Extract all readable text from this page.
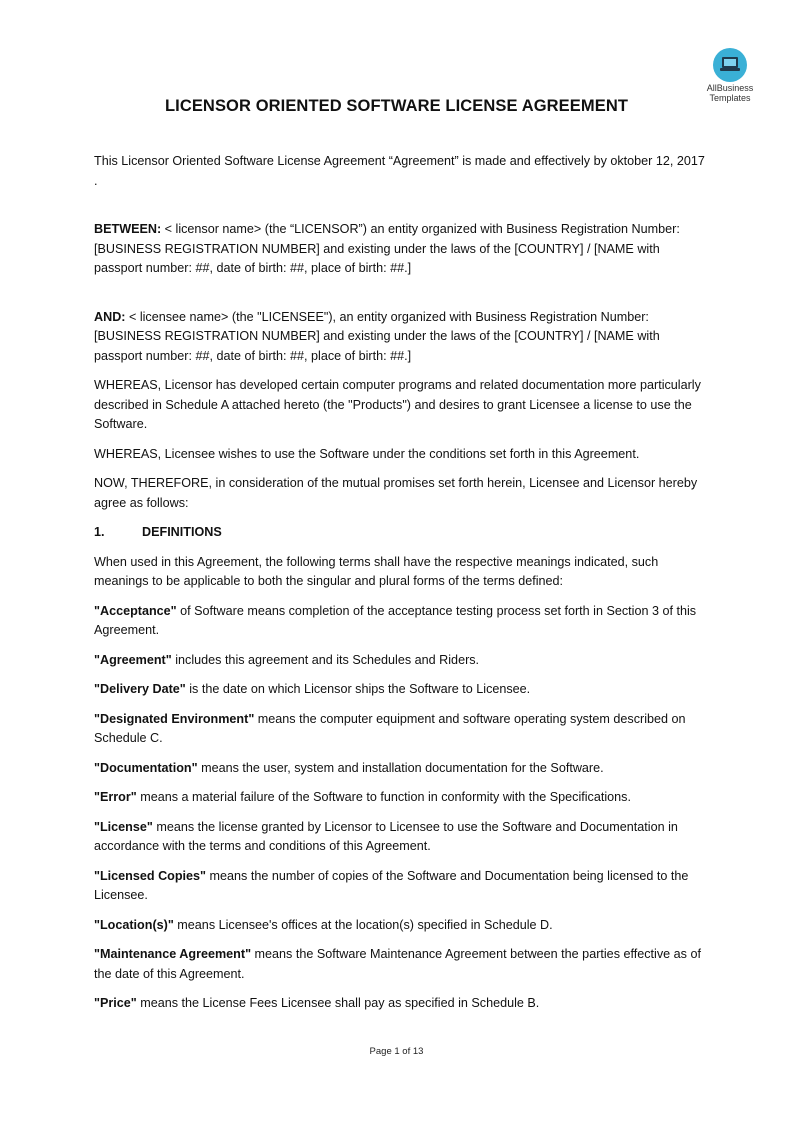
AllBusiness
Templates
LICENSOR ORIENTED SOFTWARE LICENSE AGREEMENT

This Licensor Oriented Software License Agreement “Agreement” is made and effectively by oktober 12, 2017 .

BETWEEN: < licensor name> (the “LICENSOR”) an entity organized with Business Registration Number: [BUSINESS REGISTRATION NUMBER] and existing under the laws of the [COUNTRY] / [NAME with passport number: ##, date of birth: ##, place of birth: ##.]

AND: < licensee name> (the "LICENSEE"), an entity organized with Business Registration Number: [BUSINESS REGISTRATION NUMBER] and existing under the laws of the [COUNTRY] / [NAME with passport number: ##, date of birth: ##, place of birth: ##.]

WHEREAS, Licensor has developed certain computer programs and related documentation more particularly described in Schedule A attached hereto (the "Products") and desires to grant Licensee a license to use the Software.

WHEREAS, Licensee wishes to use the Software under the conditions set forth in this Agreement.

NOW, THEREFORE, in consideration of the mutual promises set forth herein, Licensee and Licensor hereby agree as follows:

1.	DEFINITIONS

When used in this Agreement, the following terms shall have the respective meanings indicated, such meanings to be applicable to both the singular and plural forms of the terms defined:

"Acceptance" of Software means completion of the acceptance testing process set forth in Section 3 of this Agreement.

"Agreement" includes this agreement and its Schedules and Riders.

"Delivery Date" is the date on which Licensor ships the Software to Licensee.

"Designated Environment" means the computer equipment and software operating system described on Schedule C.

"Documentation" means the user, system and installation documentation for the Software.

"Error" means a material failure of the Software to function in conformity with the Specifications.

"License" means the license granted by Licensor to Licensee to use the Software and Documentation in accordance with the terms and conditions of this Agreement.

"Licensed Copies" means the number of copies of the Software and Documentation being licensed to the Licensee.

"Location(s)" means Licensee's offices at the location(s) specified in Schedule D.

"Maintenance Agreement" means the Software Maintenance Agreement between the parties effective as of the date of this Agreement.

"Price" means the License Fees Licensee shall pay as specified in Schedule B.

Page 1 of 13
